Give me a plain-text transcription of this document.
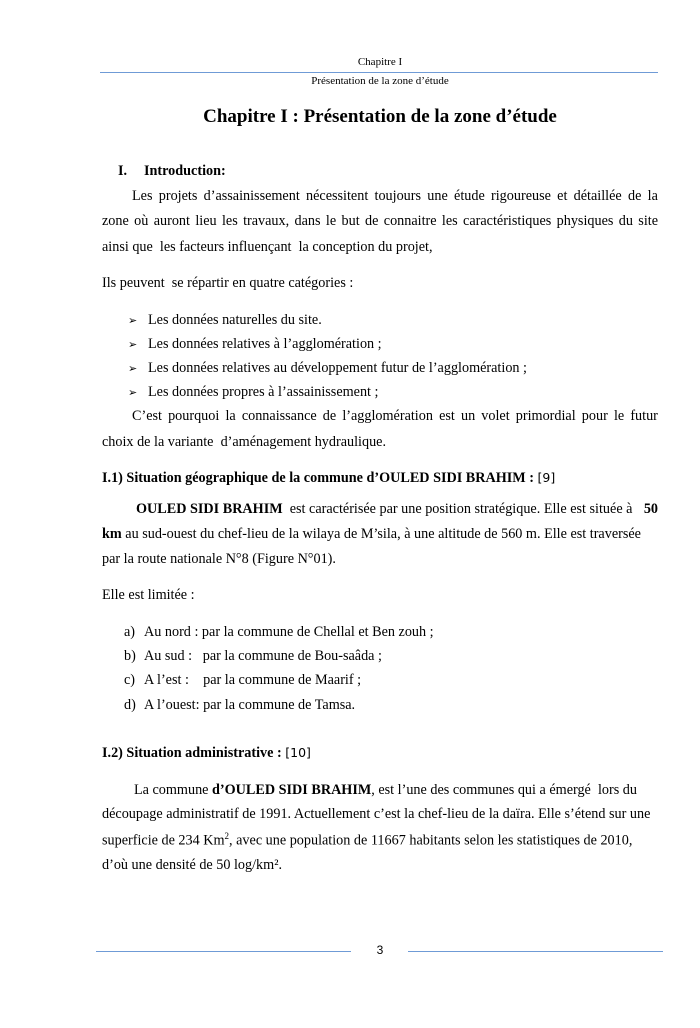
Chapitre I
Présentation de la zone d’étude
Chapitre I : Présentation de la zone d’étude
I. Introduction:
Les projets d’assainissement nécessitent toujours une étude rigoureuse et détaillée de la
zone où auront lieu les travaux, dans le but de connaitre les caractéristiques physiques du site
ainsi que  les facteurs influençant  la conception du projet,
Ils peuvent  se répartir en quatre catégories :
➢ Les données naturelles du site.
➢ Les données relatives à l’agglomération ;
➢ Les données relatives au développement futur de l’agglomération ;
➢ Les données propres à l’assainissement ;
C’est pourquoi la connaissance de l’agglomération est un volet primordial pour le futur
choix de la variante  d’aménagement hydraulique.
I.1) Situation géographique de la commune d’OULED SIDI BRAHIM : [9]
OULED SIDI BRAHIM  est caractérisée par une position stratégique. Elle est située à 50
km au sud-ouest du chef-lieu de la wilaya de M’sila, à une altitude de 560 m. Elle est traversée
par la route nationale N°8 (Figure N°01).
Elle est limitée :
a) Au nord : par la commune de Chellal et Ben zouh ;
b) Au sud :   par la commune de Bou-saâda ;
c) A l’est :    par la commune de Maarif ;
d) A l’ouest: par la commune de Tamsa.
I.2) Situation administrative : [10]
La commune d’OULED SIDI BRAHIM, est l’une des communes qui a émergé  lors du
découpage administratif de 1991. Actuellement c’est la chef-lieu de la daïra. Elle s’étend sur une
superficie de 234 Km$^2$, avec une population de 11667 habitants selon les statistiques de 2010,
d’où une densité de 50 log/km².
3
